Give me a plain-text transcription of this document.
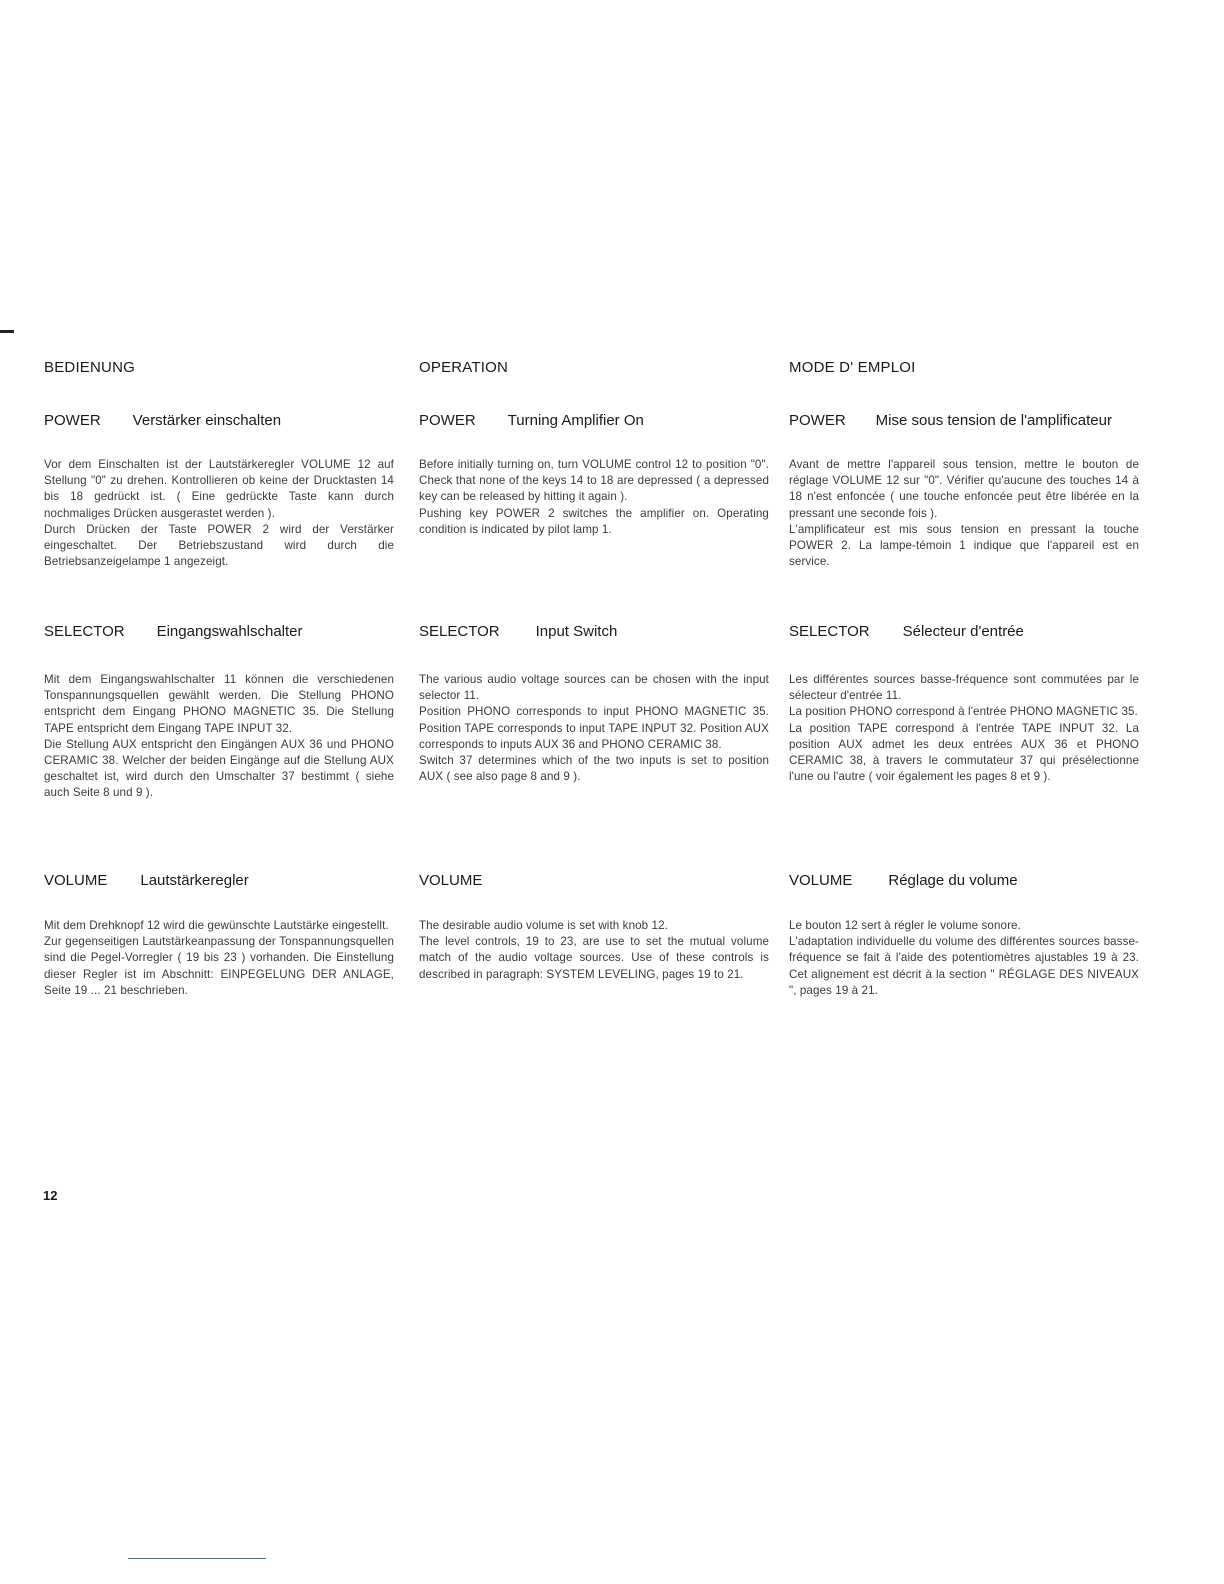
BEDIENUNG
POWER Verstärker einschalten

Vor dem Einschalten ist der Lautstärkeregler VOLUME 12 auf Stellung "0" zu drehen. Kontrollieren ob keine der Drucktasten 14 bis 18 gedrückt ist. ( Eine gedrückte Taste kann durch nochmaliges Drücken ausgerastet werden ).

Durch Drücken der Taste POWER 2 wird der Verstärker eingeschaltet. Der Betriebszustand wird durch die Betriebsanzeigelampe 1 angezeigt.

SELECTOR Eingangswahlschalter

Mit dem Eingangswahlschalter 11 können die verschiedenen Tonspannungsquellen gewählt werden. Die Stellung PHONO entspricht dem Eingang PHONO MAGNETIC 35. Die Stellung TAPE entspricht dem Eingang TAPE INPUT 32.

Die Stellung AUX entspricht den Eingängen AUX 36 und PHONO CERAMIC 38. Welcher der beiden Eingänge auf die Stellung AUX geschaltet ist, wird durch den Umschalter 37 bestimmt ( siehe auch Seite 8 und 9 ).

VOLUME Lautstärkeregler

Mit dem Drehknopf 12 wird die gewünschte Lautstärke eingestellt.

Zur gegenseitigen Lautstärkeanpassung der Tonspannungsquellen sind die Pegel-Vorregler ( 19 bis 23 ) vorhanden. Die Einstellung dieser Regler ist im Abschnitt: EINPEGELUNG DER ANLAGE, Seite 19 ... 21 beschrieben.

OPERATION
POWER Turning Amplifier On

Before initially turning on, turn VOLUME control 12 to position "0". Check that none of the keys 14 to 18 are depressed ( a depressed key can be released by hitting it again ).

Pushing key POWER 2 switches the amplifier on. Operating condition is indicated by pilot lamp 1.

SELECTOR Input Switch

The various audio voltage sources can be chosen with the input selector 11.

Position PHONO corresponds to input PHONO MAGNETIC 35. Position TAPE corresponds to input TAPE INPUT 32. Position AUX corresponds to inputs AUX 36 and PHONO CERAMIC 38.

Switch 37 determines which of the two inputs is set to position AUX ( see also page 8 and 9 ).

VOLUME

The desirable audio volume is set with knob 12.

The level controls, 19 to 23, are use to set the mutual volume match of the audio voltage sources. Use of these controls is described in paragraph: SYSTEM LEVELING, pages 19 to 21.

MODE D' EMPLOI
POWER Mise sous tension de l'amplificateur

Avant de mettre l'appareil sous tension, mettre le bouton de réglage VOLUME 12 sur "0". Vérifier qu'aucune des touches 14 à 18 n'est enfoncée ( une touche enfoncée peut être libérée en la pressant une seconde fois ).

L'amplificateur est mis sous tension en pressant la touche POWER 2. La lampe-témoin 1 indique que l'appareil est en service.

SELECTOR Sélecteur d'entrée

Les différentes sources basse-fréquence sont commutées par le sélecteur d'entrée 11.

La position PHONO correspond à l'entrée PHONO MAGNETIC 35.

La position TAPE correspond à l'entrée TAPE INPUT 32. La position AUX admet les deux entrées AUX 36 et PHONO CERAMIC 38, à travers le commutateur 37 qui présélectionne l'une ou l'autre ( voir également les pages 8 et 9 ).

VOLUME Réglage du volume

Le bouton 12 sert à régler le volume sonore.

L'adaptation individuelle du volume des différentes sources basse-fréquence se fait à l'aide des potentiomètres ajustables 19 à 23. Cet alignement est décrit à la section " RÉGLAGE DES NIVEAUX ", pages 19 à 21.

12
